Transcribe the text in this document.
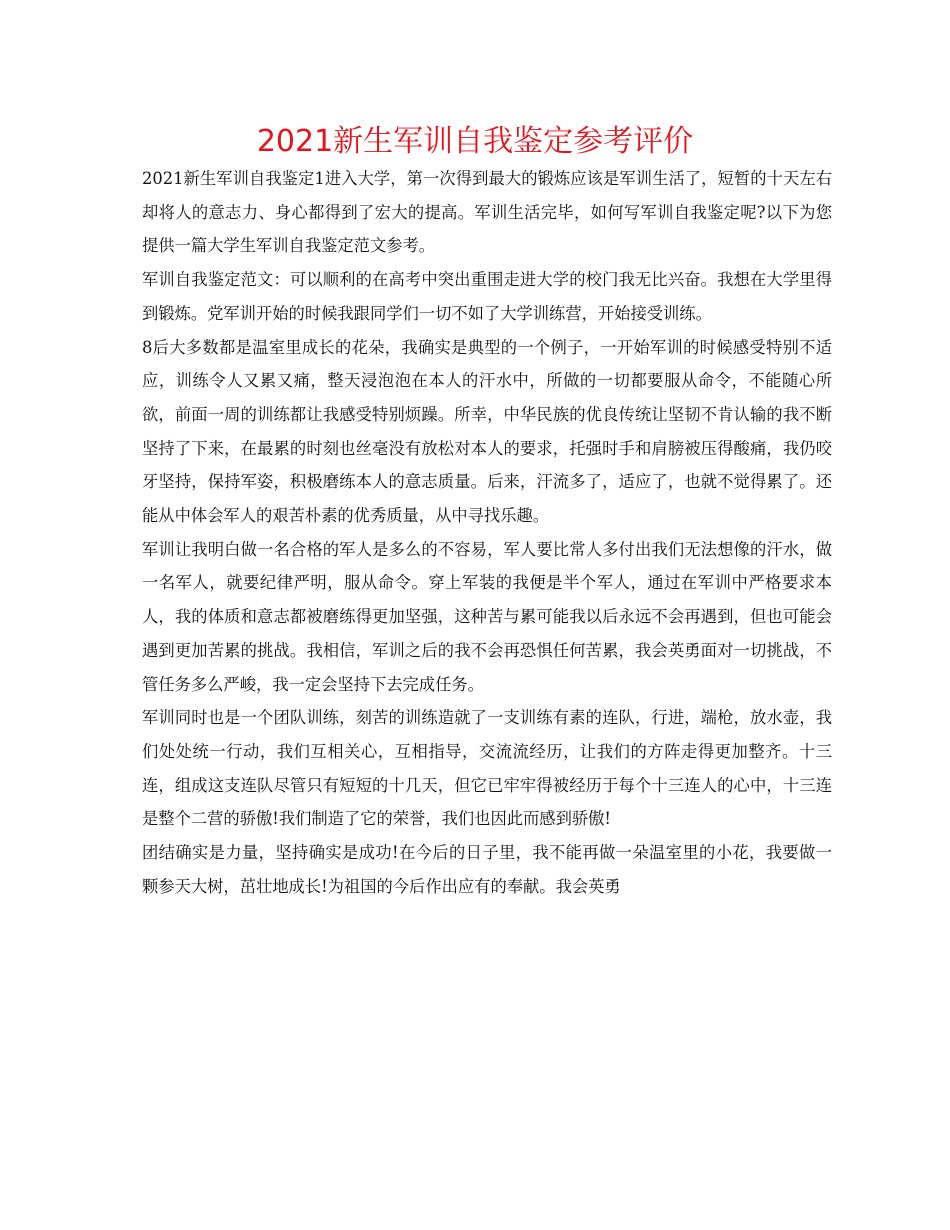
2021新生军训自我鉴定参考评价

2021新生军训自我鉴定1进入大学，第一次得到最大的锻炼应该是军训生活了，短暂的十天左右却将人的意志力、身心都得到了宏大的提高。军训生活完毕，如何写军训自我鉴定呢?以下为您提供一篇大学生军训自我鉴定范文参考。

军训自我鉴定范文：可以顺利的在高考中突出重围走进大学的校门我无比兴奋。我想在大学里得到锻炼。党军训开始的时候我跟同学们一切不如了大学训练营，开始接受训练。

8后大多数都是温室里成长的花朵，我确实是典型的一个例子，一开始军训的时候感受特别不适应，训练令人又累又痛，整天浸泡泡在本人的汗水中，所做的一切都要服从命令，不能随心所欲，前面一周的训练都让我感受特别烦躁。所幸，中华民族的优良传统让坚韧不肯认输的我不断坚持了下来，在最累的时刻也丝毫没有放松对本人的要求，托强时手和肩膀被压得酸痛，我仍咬牙坚持，保持军姿，积极磨练本人的意志质量。后来，汗流多了，适应了，也就不觉得累了。还能从中体会军人的艰苦朴素的优秀质量，从中寻找乐趣。

军训让我明白做一名合格的军人是多么的不容易，军人要比常人多付出我们无法想像的汗水，做一名军人，就要纪律严明，服从命令。穿上军装的我便是半个军人，通过在军训中严格要求本人，我的体质和意志都被磨练得更加坚强，这种苦与累可能我以后永远不会再遇到，但也可能会遇到更加苦累的挑战。我相信，军训之后的我不会再恐惧任何苦累，我会英勇面对一切挑战，不管任务多么严峻，我一定会坚持下去完成任务。

军训同时也是一个团队训练，刻苦的训练造就了一支训练有素的连队，行进，端枪，放水壶，我们处处统一行动，我们互相关心，互相指导，交流流经历，让我们的方阵走得更加整齐。十三连，组成这支连队尽管只有短短的十几天，但它已牢牢得被经历于每个十三连人的心中，十三连是整个二营的骄傲!我们制造了它的荣誉，我们也因此而感到骄傲!

团结确实是力量，坚持确实是成功!在今后的日子里，我不能再做一朵温室里的小花，我要做一颗参天大树，茁壮地成长!为祖国的今后作出应有的奉献。我会英勇
